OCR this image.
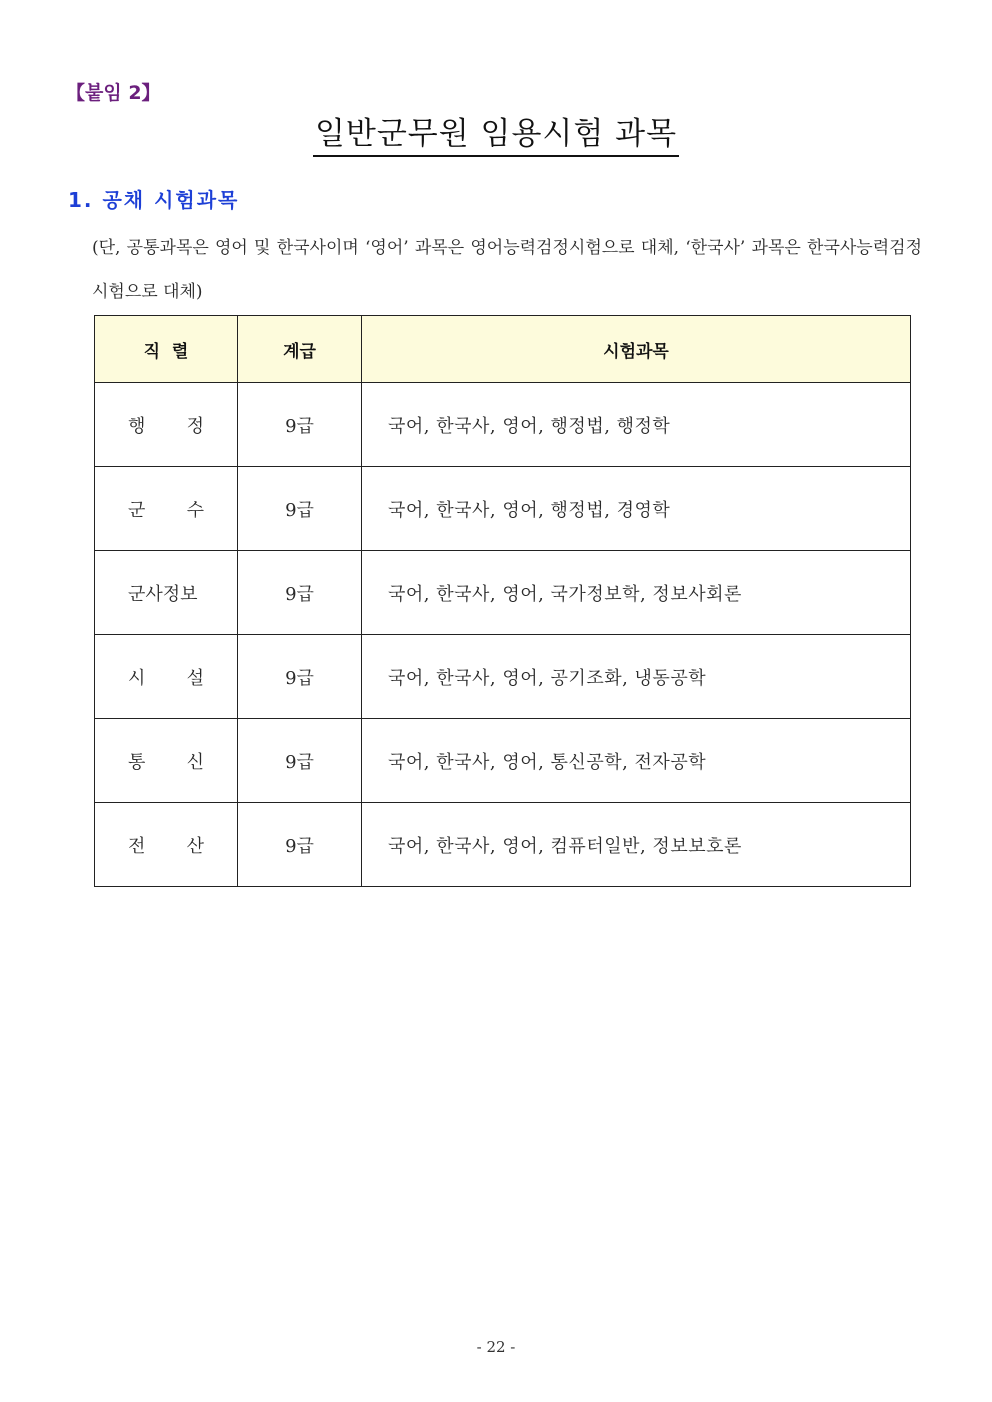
【붙임 2】
일반군무원 임용시험 과목
1. 공채 시험과목
(단, 공통과목은 영어 및 한국사이며 ‘영어’ 과목은 영어능력검정시험으로 대체, ‘한국사’ 과목은 한국사능력검정시험으로 대체)
직  렬	계급	시험과목

행 정	9급	국어, 한국사, 영어, 행정법, 행정학

군 수	9급	국어, 한국사, 영어, 행정법, 경영학

군사정보	9급	국어, 한국사, 영어, 국가정보학, 정보사회론

시 설	9급	국어, 한국사, 영어, 공기조화, 냉동공학

통 신	9급	국어, 한국사, 영어, 통신공학, 전자공학

전 산	9급	국어, 한국사, 영어, 컴퓨터일반, 정보보호론
- 22 -
